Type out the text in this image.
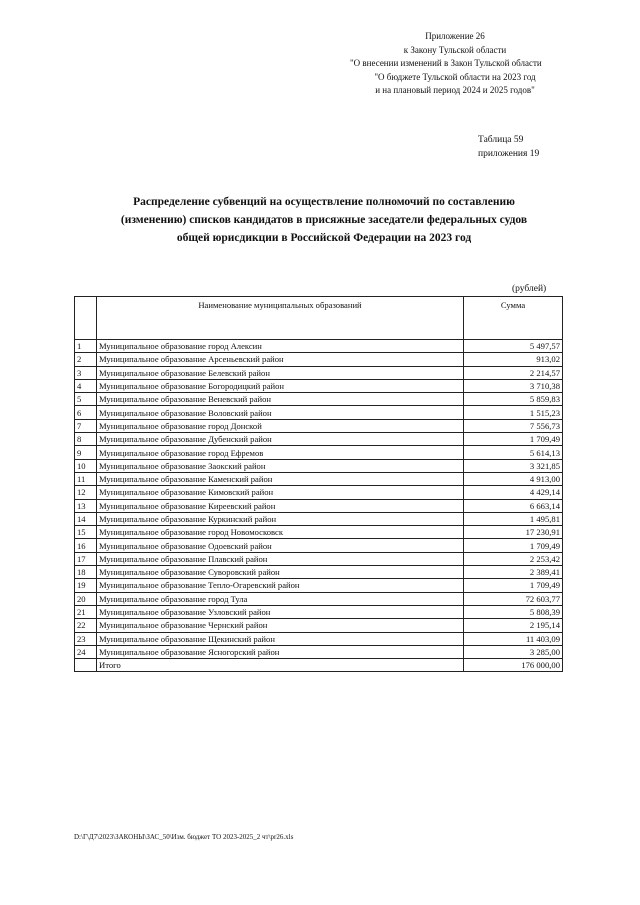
Приложение 26
к Закону Тульской области
"О внесении изменений в Закон Тульской области
"О бюджете Тульской области на 2023 год
и на плановый период 2024 и 2025 годов"
Таблица 59
приложения 19
Распределение субвенций на осуществление полномочий по составлению
(изменению) списков кандидатов в присяжные заседатели федеральных судов
общей юрисдикции в Российской Федерации на 2023 год
(рублей)
	Наименование муниципальных образований	Сумма
1	Муниципальное образование город Алексин	5 497,57
2	Муниципальное образование Арсеньевский район	913,02
3	Муниципальное образование Белевский район	2 214,57
4	Муниципальное образование Богородицкий район	3 710,38
5	Муниципальное образование Веневский район	5 859,83
6	Муниципальное образование Воловский район	1 515,23
7	Муниципальное образование город Донской	7 556,73
8	Муниципальное образование Дубенский район	1 709,49
9	Муниципальное образование город Ефремов	5 614,13
10	Муниципальное образование Заокский район	3 321,85
11	Муниципальное образование Каменский район	4 913,00
12	Муниципальное образование Кимовский район	4 429,14
13	Муниципальное образование Киреевский район	6 663,14
14	Муниципальное образование Куркинский район	1 495,81
15	Муниципальное образование город Новомосковск	17 230,91
16	Муниципальное образование Одоевский район	1 709,49
17	Муниципальное образование Плавский район	2 253,42
18	Муниципальное образование Суворовский район	2 389,41
19	Муниципальное образование Тепло-Огаревский район	1 709,49
20	Муниципальное образование город Тула	72 603,77
21	Муниципальное образование Узловский район	5 808,39
22	Муниципальное образование Чернский район	2 195,14
23	Муниципальное образование Щекинский район	11 403,09
24	Муниципальное образование Ясногорский район	3 285,00
	Итого	176 000,00
D:\Г\Д7\2023\ЗАКОНЫ\ЗАС_50\Изм. бюджет ТО 2023-2025_2 чт\pr26.xls
